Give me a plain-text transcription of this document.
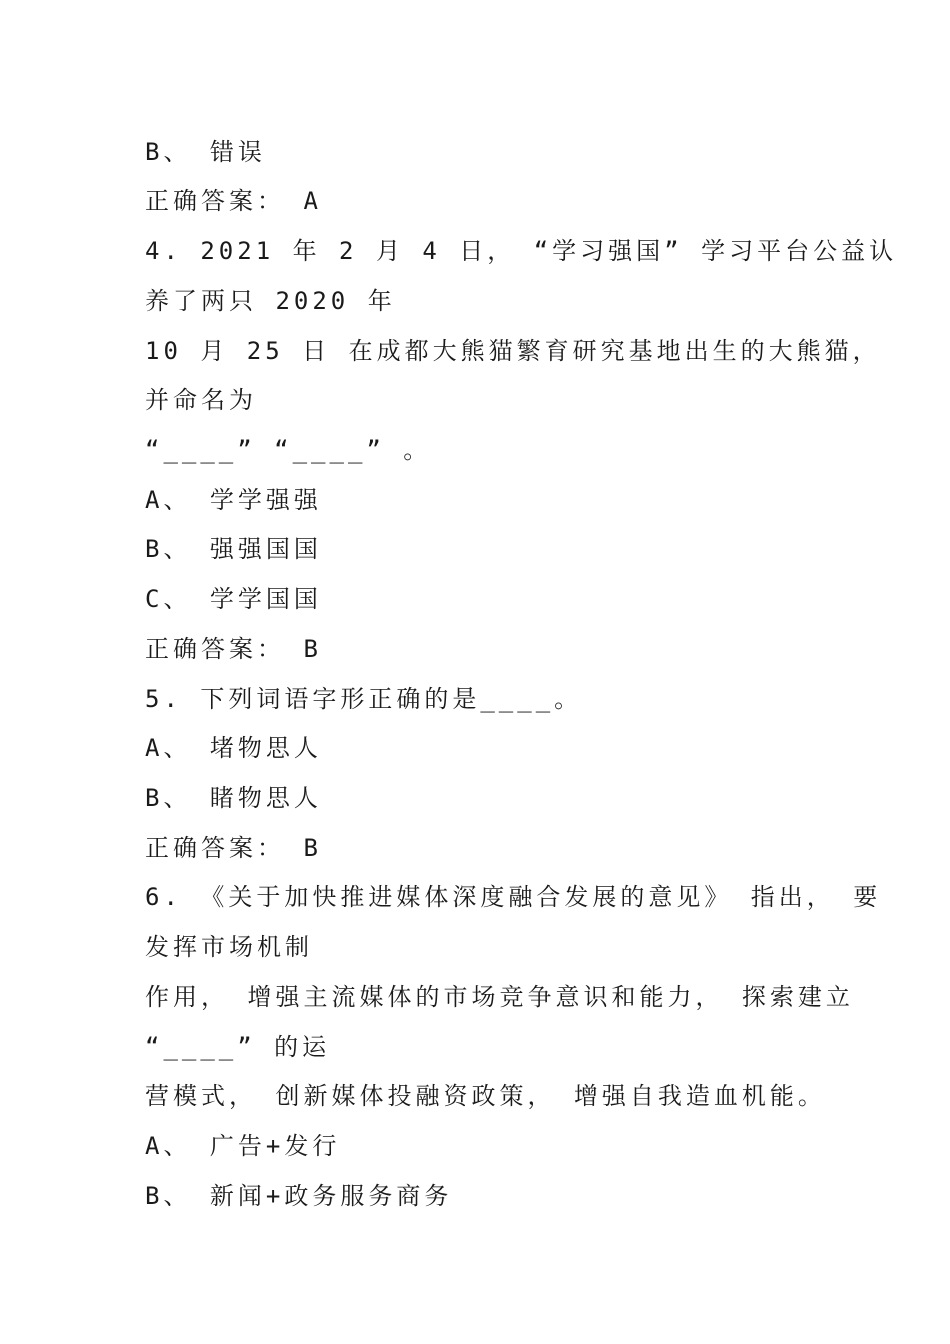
B、 错误
正确答案： A
4. 2021 年 2 月 4 日， “学习强国” 学习平台公益认
养了两只 2020 年
10 月 25 日 在成都大熊猫繁育研究基地出生的大熊猫，
并命名为
“____” “____” 。
A、 学学强强
B、 强强国国
C、 学学国国
正确答案： B
5. 下列词语字形正确的是____。
A、 堵物思人
B、 睹物思人
正确答案： B
6. 《关于加快推进媒体深度融合发展的意见》 指出， 要
发挥市场机制
作用， 增强主流媒体的市场竞争意识和能力， 探索建立
“____” 的运
营模式， 创新媒体投融资政策， 增强自我造血机能。
A、 广告+发行
B、 新闻+政务服务商务
